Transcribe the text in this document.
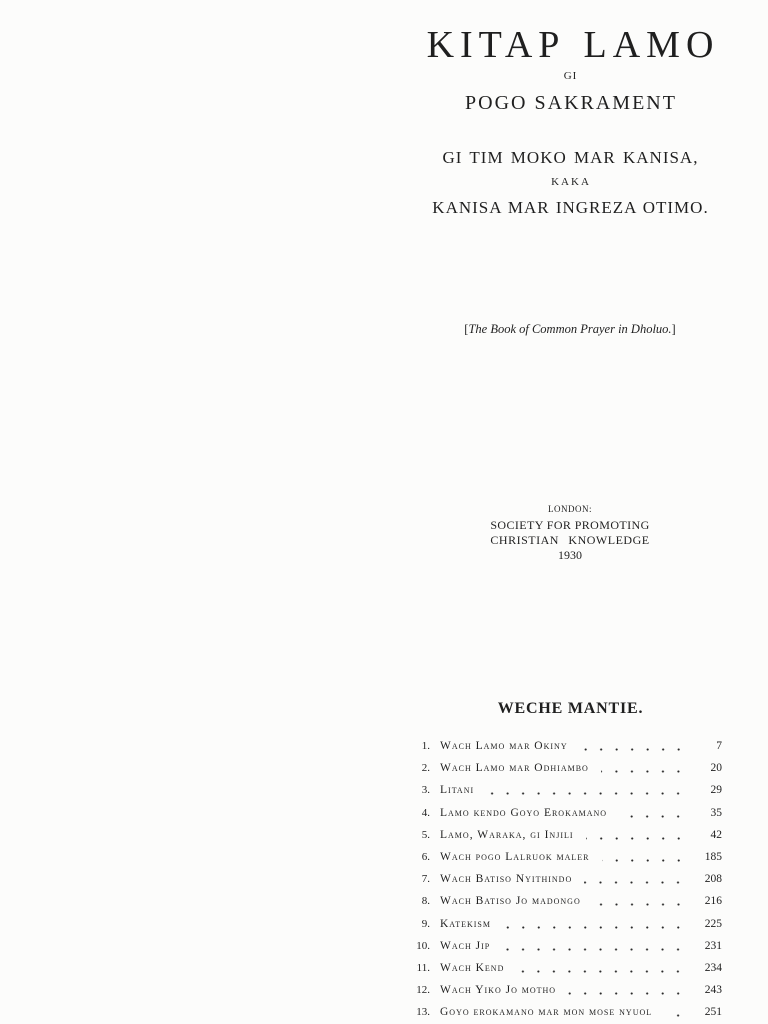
KITAP LAMO
GI
POGO SAKRAMENT
GI TIM MOKO MAR KANISA,
KAKA
KANISA MAR INGREZA OTIMO.
[The Book of Common Prayer in Dholuo.]
LONDON:
SOCIETY FOR PROMOTING
CHRISTIAN KNOWLEDGE
1930
WECHE MANTIE.
1. Wach Lamo mar Okiny	7
2. Wach Lamo mar Odhiambo	20
3. Litani	29
4. Lamo kendo Goyo Erokamano	35
5. Lamo, Waraka, gi Injili	42
6. Wach pogo Lalruok maler	185
7. Wach Batiso Nyithindo	208
8. Wach Batiso Jo madongo	216
9. Katekism	225
10. Wach Jip	231
11. Wach Kend	234
12. Wach Yiko Jo motho	243
13. Goyo erokamano mar mon mose nyuol	251
